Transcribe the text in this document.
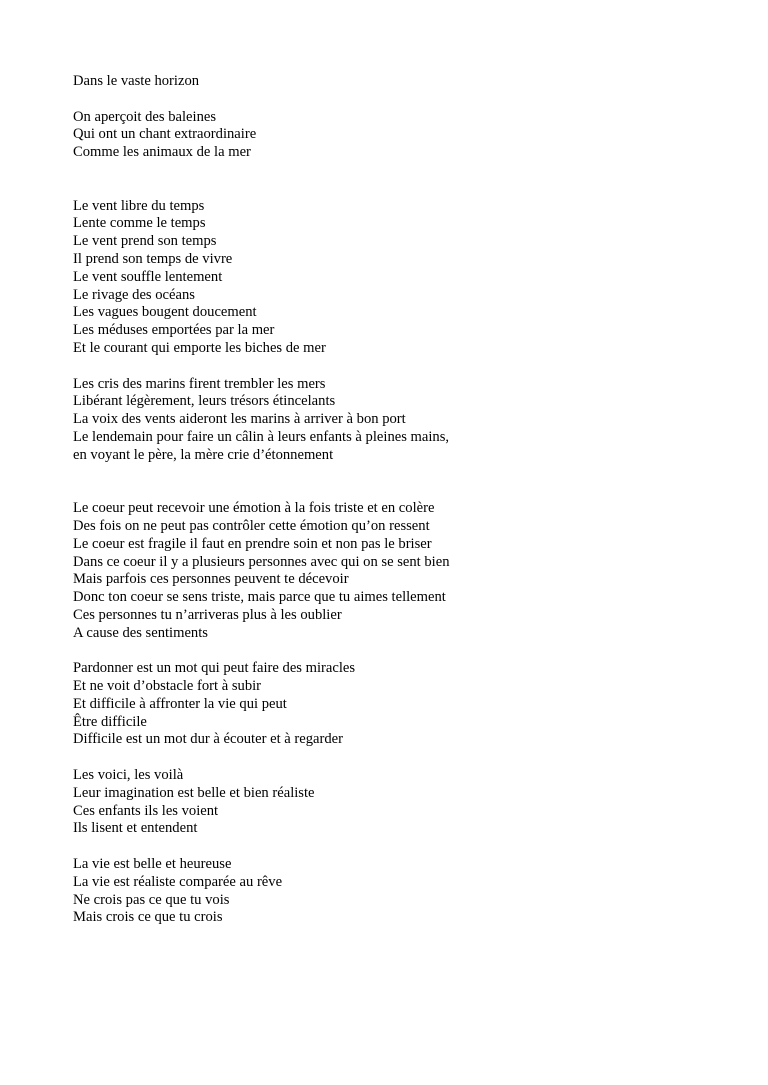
Dans le vaste horizon
On aperçoit des baleines
Qui ont un chant extraordinaire
Comme les animaux de la mer
Le vent libre du temps
Lente comme le temps
Le vent prend son temps
Il prend son temps de vivre
Le vent souffle lentement
Le rivage des océans
Les vagues bougent doucement
Les méduses emportées par la mer
Et le courant qui emporte les biches de mer
Les cris des marins firent trembler les mers
Libérant légèrement, leurs trésors étincelants
La voix des vents aideront les marins à arriver à bon port
Le lendemain pour faire un câlin à leurs enfants à pleines mains,
en voyant le père, la mère crie d’étonnement
Le coeur peut recevoir une émotion à la fois triste et en colère
Des fois on ne peut pas contrôler cette émotion qu’on ressent
Le coeur est fragile il faut en prendre soin et non pas le briser
Dans ce coeur il y a plusieurs personnes avec qui on se sent bien
Mais parfois ces personnes peuvent te décevoir
Donc ton coeur se sens triste, mais parce que tu aimes tellement
Ces personnes tu n’arriveras plus à les oublier
A cause des sentiments
Pardonner est un mot qui peut faire des miracles
Et ne voit d’obstacle fort à subir
Et difficile à affronter la vie qui peut
Être difficile
Difficile est un mot dur à écouter et à regarder
Les voici, les voilà
Leur imagination est belle et bien réaliste
Ces enfants ils les voient
Ils lisent et entendent
La vie est belle et heureuse
La vie est réaliste comparée au rêve
Ne crois pas ce que tu vois
Mais crois ce que tu crois
